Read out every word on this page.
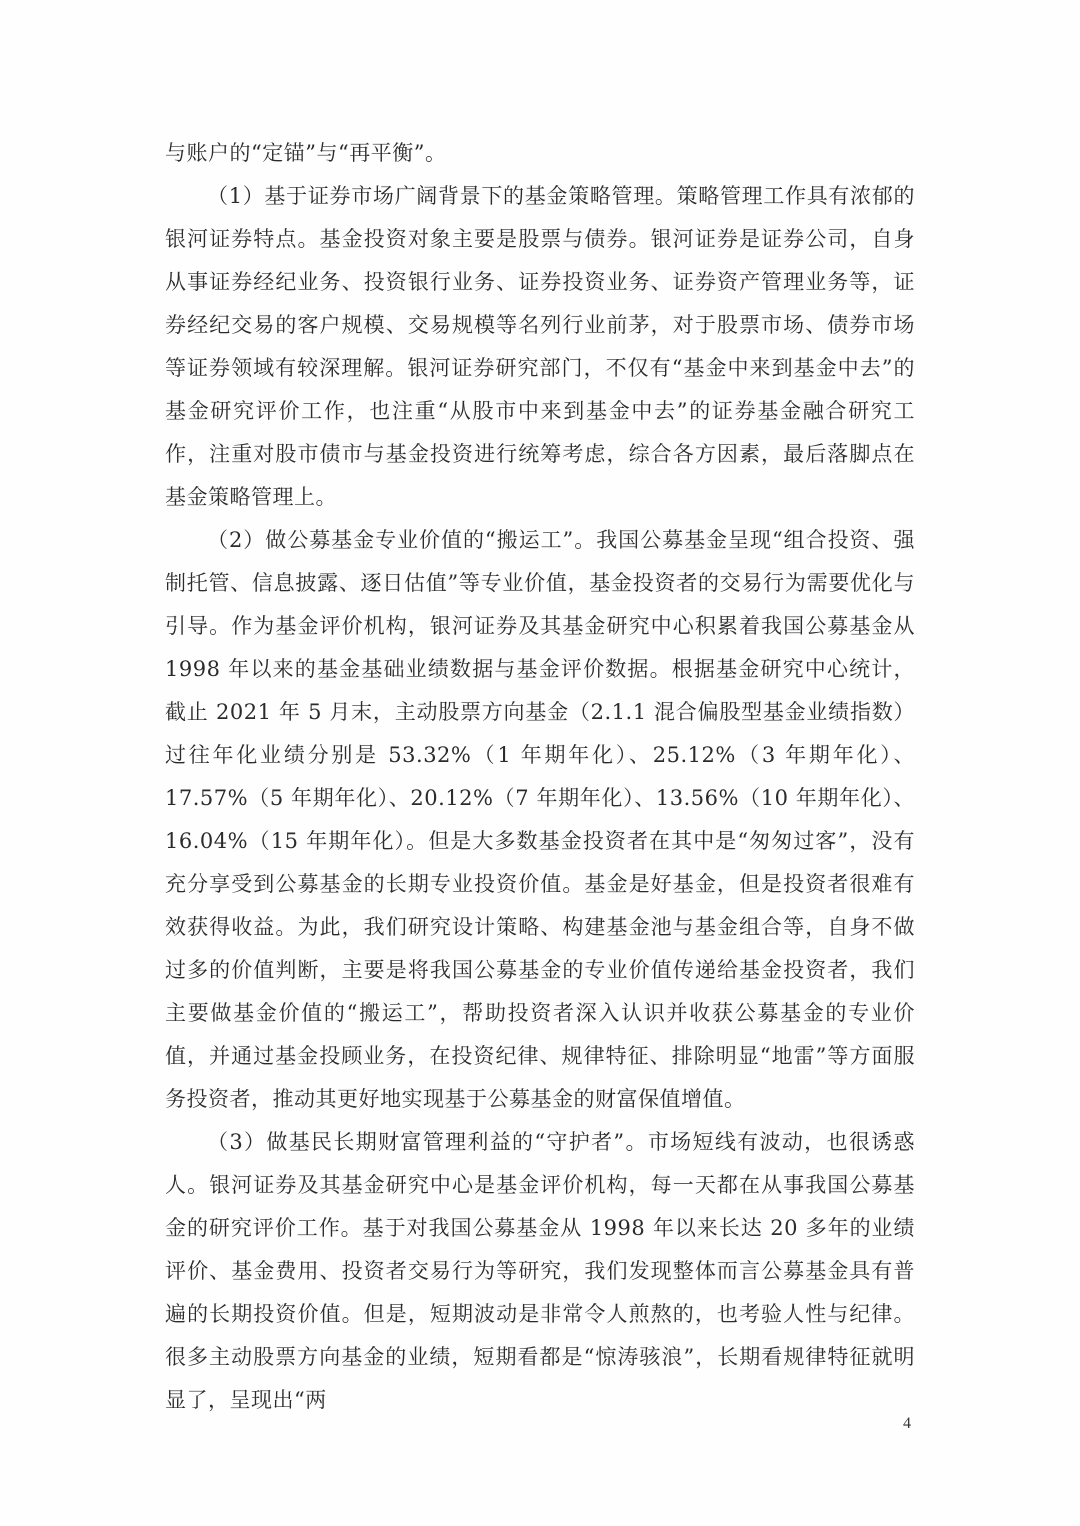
与账户的“定锚”与“再平衡”。

（1）基于证券市场广阔背景下的基金策略管理。策略管理工作具有浓郁的银河证券特点。基金投资对象主要是股票与债券。银河证券是证券公司，自身从事证券经纪业务、投资银行业务、证券投资业务、证券资产管理业务等，证券经纪交易的客户规模、交易规模等名列行业前茅，对于股票市场、债券市场等证券领域有较深理解。银河证券研究部门，不仅有“基金中来到基金中去”的基金研究评价工作，也注重“从股市中来到基金中去”的证券基金融合研究工作，注重对股市债市与基金投资进行统筹考虑，综合各方因素，最后落脚点在基金策略管理上。

（2）做公募基金专业价值的“搬运工”。我国公募基金呈现“组合投资、强制托管、信息披露、逐日估值”等专业价值，基金投资者的交易行为需要优化与引导。作为基金评价机构，银河证券及其基金研究中心积累着我国公募基金从 1998 年以来的基金基础业绩数据与基金评价数据。根据基金研究中心统计，截止 2021 年 5 月末，主动股票方向基金（2.1.1 混合偏股型基金业绩指数）过往年化业绩分别是 53.32%（1 年期年化）、25.12%（3 年期年化）、17.57%（5 年期年化）、20.12%（7 年期年化）、13.56%（10 年期年化）、16.04%（15 年期年化）。但是大多数基金投资者在其中是“匆匆过客”，没有充分享受到公募基金的长期专业投资价值。基金是好基金，但是投资者很难有效获得收益。为此，我们研究设计策略、构建基金池与基金组合等，自身不做过多的价值判断，主要是将我国公募基金的专业价值传递给基金投资者，我们主要做基金价值的“搬运工”，帮助投资者深入认识并收获公募基金的专业价值，并通过基金投顾业务，在投资纪律、规律特征、排除明显“地雷”等方面服务投资者，推动其更好地实现基于公募基金的财富保值增值。

（3）做基民长期财富管理利益的“守护者”。市场短线有波动，也很诱惑人。银河证券及其基金研究中心是基金评价机构，每一天都在从事我国公募基金的研究评价工作。基于对我国公募基金从 1998 年以来长达 20 多年的业绩评价、基金费用、投资者交易行为等研究，我们发现整体而言公募基金具有普遍的长期投资价值。但是，短期波动是非常令人煎熬的，也考验人性与纪律。很多主动股票方向基金的业绩，短期看都是“惊涛骇浪”，长期看规律特征就明显了，呈现出“两

4
